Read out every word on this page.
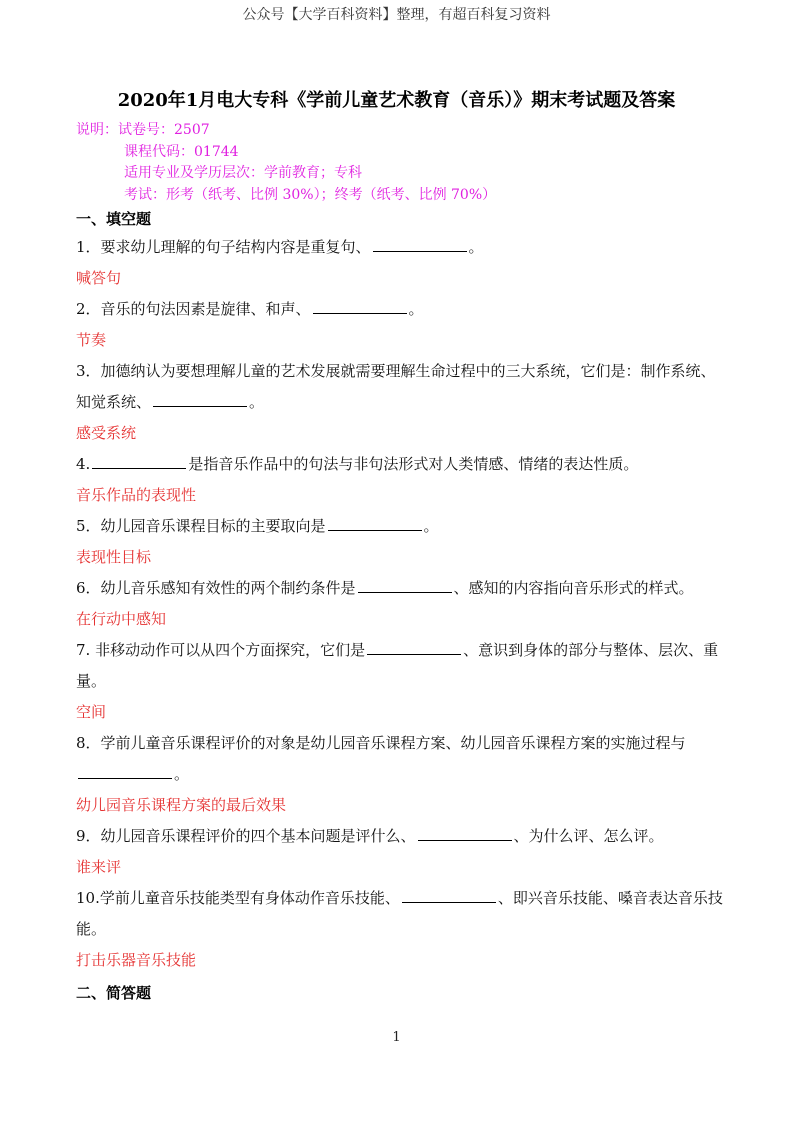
公众号【大学百科资料】整理，有超百科复习资料
2020年1月电大专科《学前儿童艺术教育（音乐）》期末考试题及答案
说明：试卷号：2507
课程代码：01744
适用专业及学历层次：学前教育；专科
考试：形考（纸考、比例 30%）；终考（纸考、比例 70%）
一、填空题
1．要求幼儿理解的句子结构内容是重复句、	。
喊答句
2．音乐的句法因素是旋律、和声、	。
节奏
3．加德纳认为要想理解儿童的艺术发展就需要理解生命过程中的三大系统，它们是：制作系统、知觉系统、	。
感受系统
4.	是指音乐作品中的句法与非句法形式对人类情感、情绪的表达性质。
音乐作品的表现性
5．幼儿园音乐课程目标的主要取向是	。
表现性目标
6．幼儿音乐感知有效性的两个制约条件是	、感知的内容指向音乐形式的样式。
在行动中感知
7. 非移动动作可以从四个方面探究，它们是	、意识到身体的部分与整体、层次、重量。
空间
8．学前儿童音乐课程评价的对象是幼儿园音乐课程方案、幼儿园音乐课程方案的实施过程与。
幼儿园音乐课程方案的最后效果
9．幼儿园音乐课程评价的四个基本问题是评什么、	、为什么评、怎么评。
谁来评
10.学前儿童音乐技能类型有身体动作音乐技能、	、即兴音乐技能、嗓音表达音乐技能。
打击乐器音乐技能
二、简答题
1
